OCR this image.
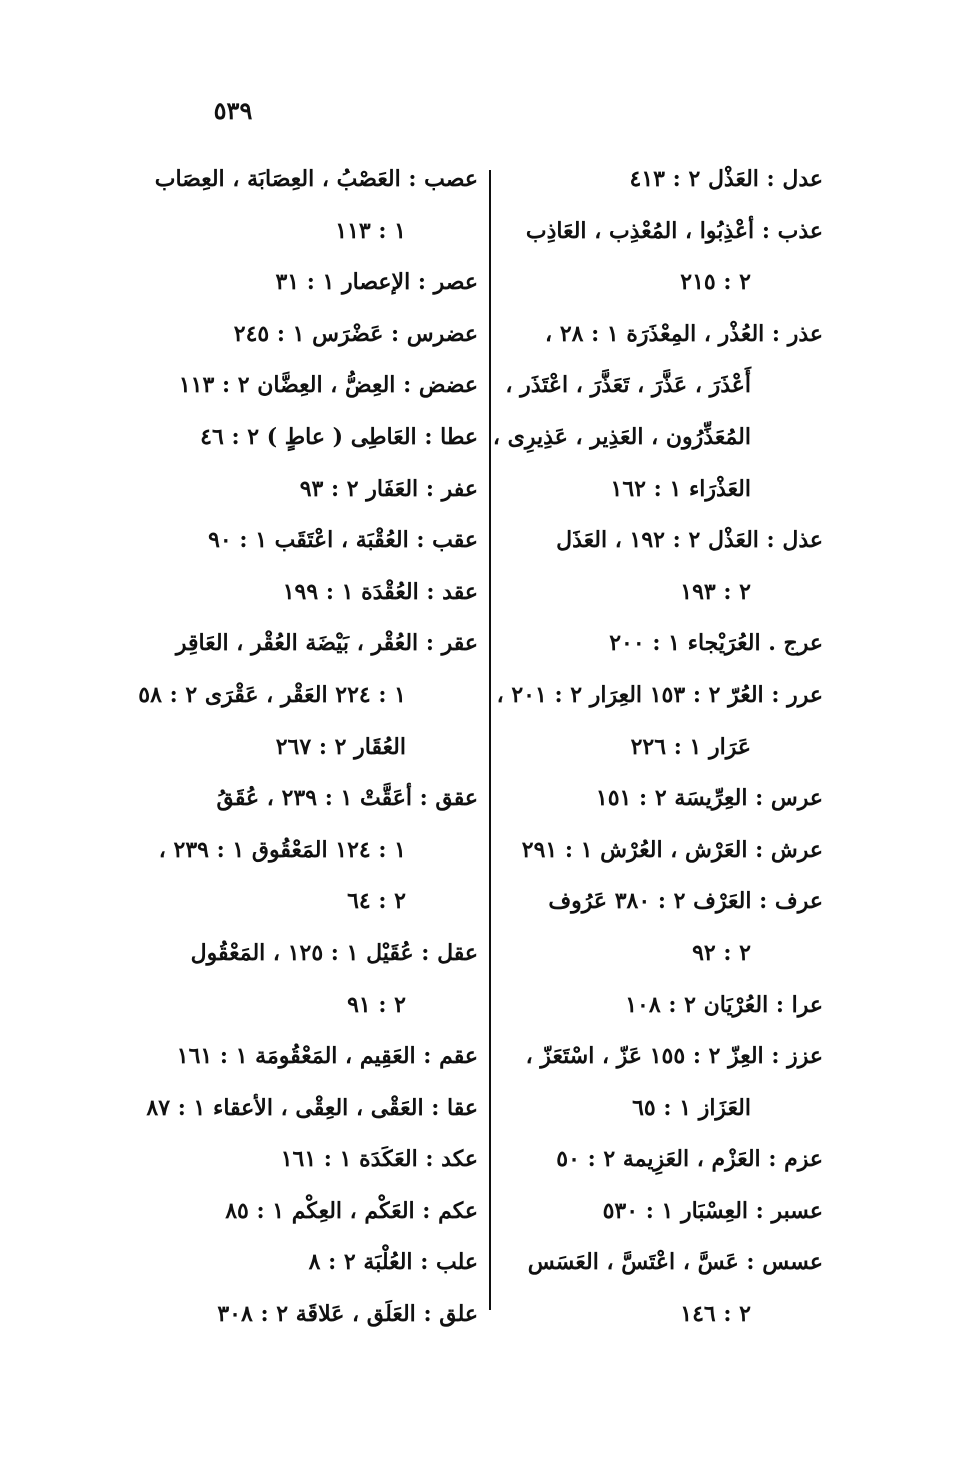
٥٣٩
عدل : العَذْل ٢ : ٤١٣
عذب : أعْذِبُوا ، المُعْذِب ، العَاذِب
٢ : ٢١٥
عذر : العُذْر ، المِعْذَرَة ١ : ٢٨ ،
أَعْذَرَ ، عَذَّرَ ، تَعَذَّرَ ، اعْتَذَر ،
المُعَذِّرُون ، العَذِير ، عَذِيرِى ،
العَذْرَاء ١ : ١٦٢
عذل : العَذْل ٢ : ١٩٢ ، العَذَل
٢ : ١٩٣
عرج . العُرَيْجاء ١ : ٢٠٠
عرر : العُرّ ٢ : ١٥٣ العِرَار ٢ : ٢٠١ ،
عَرَار ١ : ٢٢٦
عرس : العِرِّيسَة ٢ : ١٥١
عرش : العَرْش ، العُرْش ١ : ٢٩١
عرف : العَرْف ٢ : ٣٨٠ عَرُوف
٢ : ٩٢
عرا : العُرْيَان ٢ : ١٠٨
عزز : العِزّ ٢ : ١٥٥ عَزّ ، اسْتَعَزّ ،
العَزَاز ١ : ٦٥
عزم : العَزْم ، العَزِيمة ٢ : ٥٠
عسبر : العِسْبَار ١ : ٥٣٠
عسس : عَسَّ ، اعْتَسَّ ، العَسَس
٢ : ١٤٦
عصب : العَصْبُ ، العِصَابَة ، العِصَاب
١ : ١١٣
عصر : الإعصار ١ : ٣١
عضرس : عَضْرَس ١ : ٢٤٥
عضض : العِضُّ ، العِضَّان ٢ : ١١٣
عطا : العَاطِى ( عاطٍ ) ٢ : ٤٦
عفر : العَفَار ٢ : ٩٣
عقب : العُقْبَة ، اعْتَقَب ١ : ٩٠
عقد : العُقْدَة ١ : ١٩٩
عقر : العُقْر ، بَيْضَة العُقْر ، العَاقِر
١ : ٢٢٤ العَقْر ، عَقْرَى ٢ : ٥٨
العُقَار ٢ : ٢٦٧
عقق : أعَقَّتْ ١ : ٢٣٩ ، عُقَقُ
١ : ١٢٤ المَعْقُوق ١ : ٢٣٩ ،
٢ : ٦٤
عقل : عُقَيْل ١ : ١٢٥ ، المَعْقُول
٢ : ٩١
عقم : العَقِيم ، المَعْقُومَة ١ : ١٦١
عقا : العَقْى ، العِقْى ، الأعقاء ١ : ٨٧
عكد : العَكَدَة ١ : ١٦١
عكم : العَكْم ، العِكْم ١ : ٨٥
علب : العُلْبَة ٢ : ٨
علق : العَلَق ، عَلاقَة ٢ : ٣٠٨
